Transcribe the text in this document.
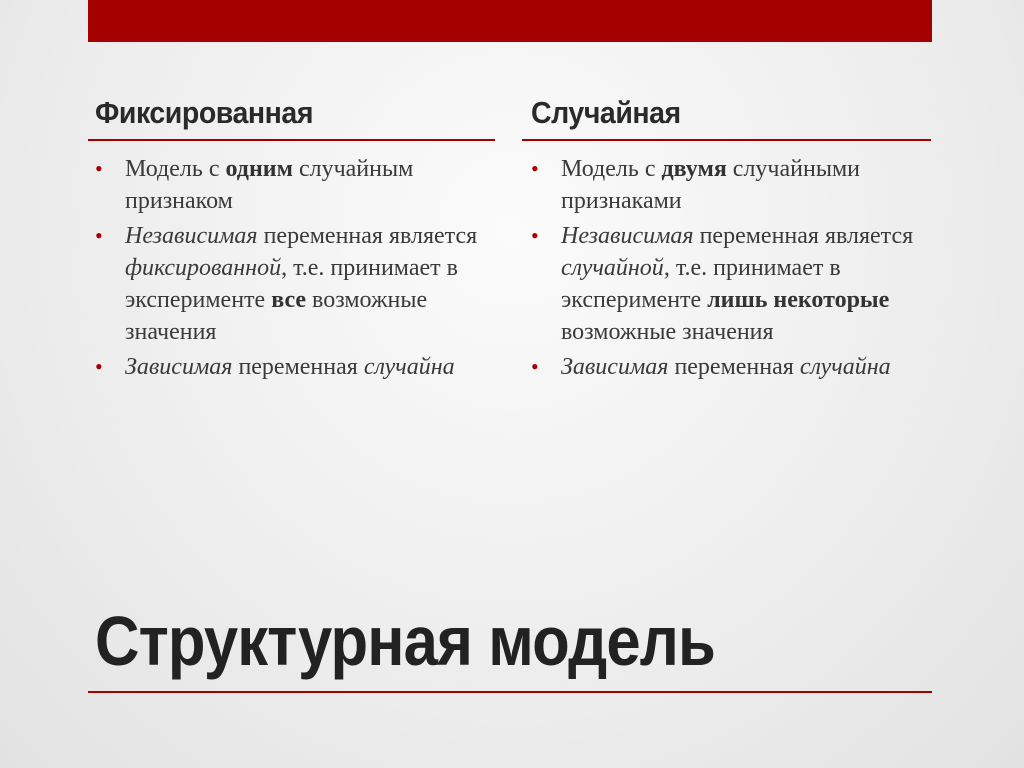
Фиксированная
• Модель с одним случайным признаком
• Независимая переменная является фиксированной, т.е. принимает в эксперименте все возможные значения
• Зависимая переменная случайна
Случайная
• Модель с двумя случайными признаками
• Независимая переменная является случайной, т.е. принимает в эксперименте лишь некоторые возможные значения
• Зависимая переменная случайна
Структурная модель
